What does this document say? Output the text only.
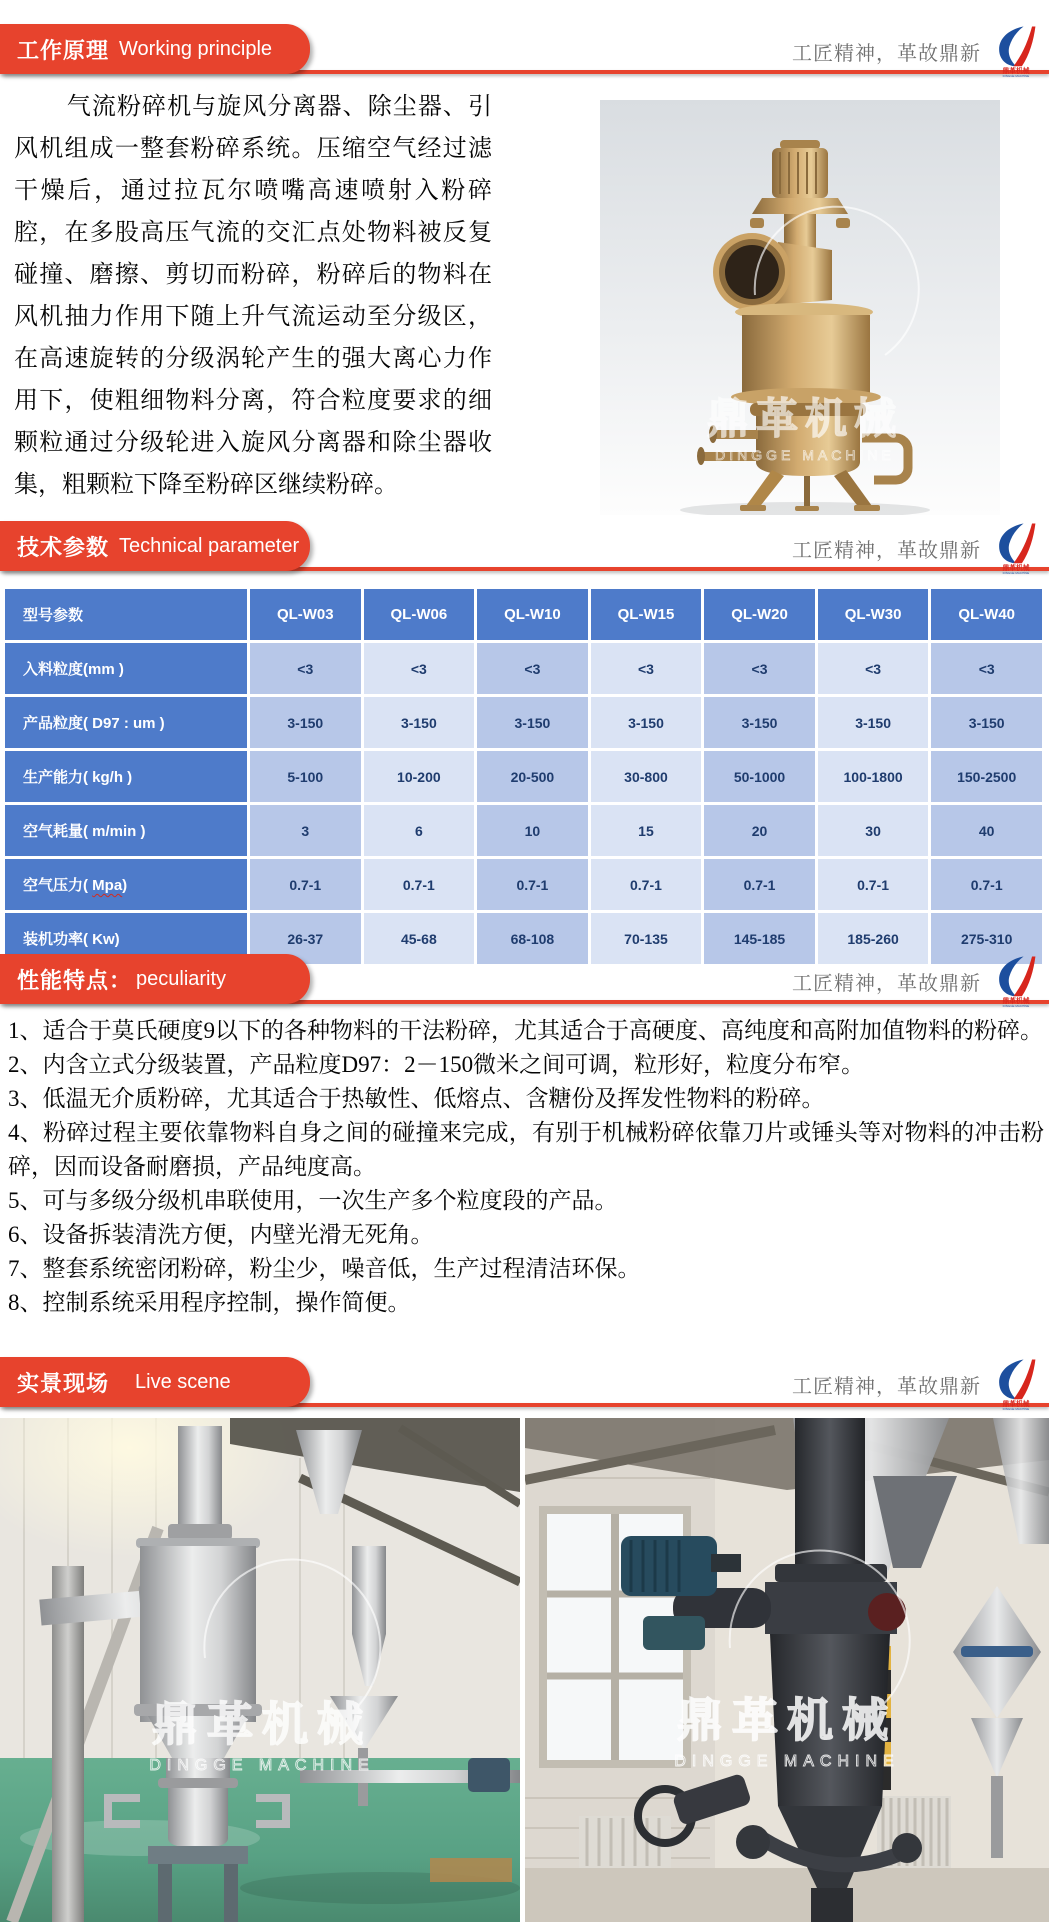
工作原理 Working principle	工匠精神，革故鼎新
鼎革机械
DINGGE MACHINE
气流粉碎机与旋风分离器、除尘器、引风机组成一整套粉碎系统。压缩空气经过滤干燥后，通过拉瓦尔喷嘴高速喷射入粉碎腔，在多股高压气流的交汇点处物料被反复碰撞、磨擦、剪切而粉碎，粉碎后的物料在风机抽力作用下随上升气流运动至分级区，在高速旋转的分级涡轮产生的强大离心力作用下，使粗细物料分离，符合粒度要求的细颗粒通过分级轮进入旋风分离器和除尘器收集，粗颗粒下降至粉碎区继续粉碎。
鼎革机械
DINGGE MACHINE
技术参数 Technical parameter	工匠精神，革故鼎新
鼎革机械
DINGGE MACHINE
型号参数	QL-W03	QL-W06	QL-W10	QL-W15	QL-W20	QL-W30	QL-W40
入料粒度(mm )	<3	<3	<3	<3	<3	<3	<3
产品粒度( D97 : um )	3-150	3-150	3-150	3-150	3-150	3-150	3-150
生产能力( kg/h )	5-100	10-200	20-500	30-800	50-1000	100-1800	150-2500
空气耗量( m/min )	3	6	10	15	20	30	40
空气压力( Mpa)	0.7-1	0.7-1	0.7-1	0.7-1	0.7-1	0.7-1	0.7-1
装机功率( Kw)	26-37	45-68	68-108	70-135	145-185	185-260	275-310
性能特点： peculiarity	工匠精神，革故鼎新
鼎革机械
DINGGE MACHINE

1、适合于莫氏硬度9以下的各种物料的干法粉碎，尤其适合于高硬度、高纯度和高附加值物料的粉碎。

2、内含立式分级装置，产品粒度D97：2－150微米之间可调，粒形好，粒度分布窄。

3、低温无介质粉碎，尤其适合于热敏性、低熔点、含糖份及挥发性物料的粉碎。

4、粉碎过程主要依靠物料自身之间的碰撞来完成，有别于机械粉碎依靠刀片或锤头等对物料的冲击粉碎，因而设备耐磨损，产品纯度高。

5、可与多级分级机串联使用，一次生产多个粒度段的产品。

6、设备拆装清洗方便，内壁光滑无死角。

7、整套系统密闭粉碎，粉尘少，噪音低，生产过程清洁环保。

8、控制系统采用程序控制，操作简便。

实景现场 Live scene	工匠精神，革故鼎新
鼎革机械
DINGGE MACHINE
鼎革机械
DINGGE MACHINE
鼎革机械
DINGGE MACHINE
